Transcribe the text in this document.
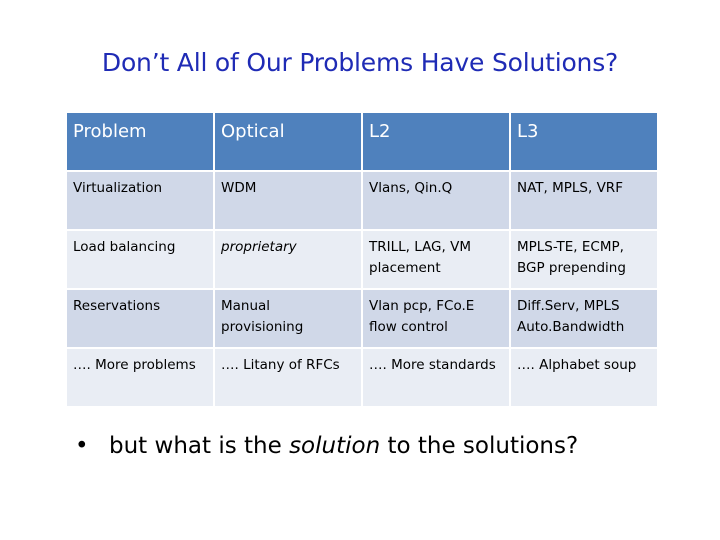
Don’t All of Our Problems Have Solutions?
Problem	Optical	L2	L3
Virtualization	WDM	Vlans, Qin.Q	NAT, MPLS, VRF
Load balancing	proprietary	TRILL, LAG, VM placement	MPLS-TE, ECMP, BGP prepending
Reservations	Manual provisioning	Vlan pcp, FCo.E flow control	Diff.Serv, MPLS Auto.Bandwidth
…. More problems	…. Litany of RFCs	…. More standards	…. Alphabet soup
• but what is the solution to the solutions?
